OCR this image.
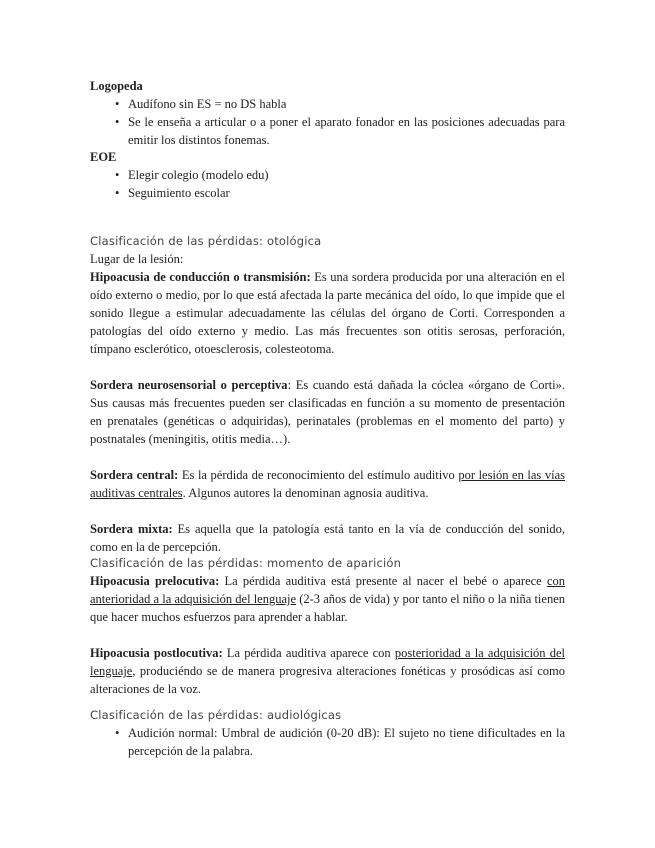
Logopeda
• Audífono sin ES = no DS habla
• Se le enseña a articular o a poner el aparato fonador en las posiciones adecuadas para emitir los distintos fonemas.
EOE
• Elegir colegio (modelo edu)
• Seguimiento escolar
Clasificación de las pérdidas: otológica
Lugar de la lesión:
Hipoacusia de conducción o transmisión: Es una sordera producida por una alteración en el oído externo o medio, por lo que está afectada la parte mecánica del oído, lo que impide que el sonido llegue a estimular adecuadamente las células del órgano de Corti. Corresponden a patologías del oído externo y medio. Las más frecuentes son otitis serosas, perforación, tímpano esclerótico, otoesclerosis, colesteotoma.
Sordera neurosensorial o perceptiva: Es cuando está dañada la cóclea «órgano de Corti». Sus causas más frecuentes pueden ser clasificadas en función a su momento de presentación en prenatales (genéticas o adquiridas), perinatales (problemas en el momento del parto) y postnatales (meningitis, otitis media…).
Sordera central: Es la pérdida de reconocimiento del estímulo auditivo por lesión en las vías auditivas centrales. Algunos autores la denominan agnosia auditiva.
Sordera mixta: Es aquella que la patología está tanto en la vía de conducción del sonido, como en la de percepción.
Clasificación de las pérdidas: momento de aparición
Hipoacusia prelocutiva: La pérdida auditiva está presente al nacer el bebé o aparece con anterioridad a la adquisición del lenguaje (2-3 años de vida) y por tanto el niño o la niña tienen que hacer muchos esfuerzos para aprender a hablar.
Hipoacusia postlocutiva: La pérdida auditiva aparece con posterioridad a la adquisición del lenguaje, produciéndo se de manera progresiva alteraciones fonéticas y prosódicas así como alteraciones de la voz.
Clasificación de las pérdidas: audiológicas
• Audición normal: Umbral de audición (0-20 dB): El sujeto no tiene dificultades en la percepción de la palabra.
